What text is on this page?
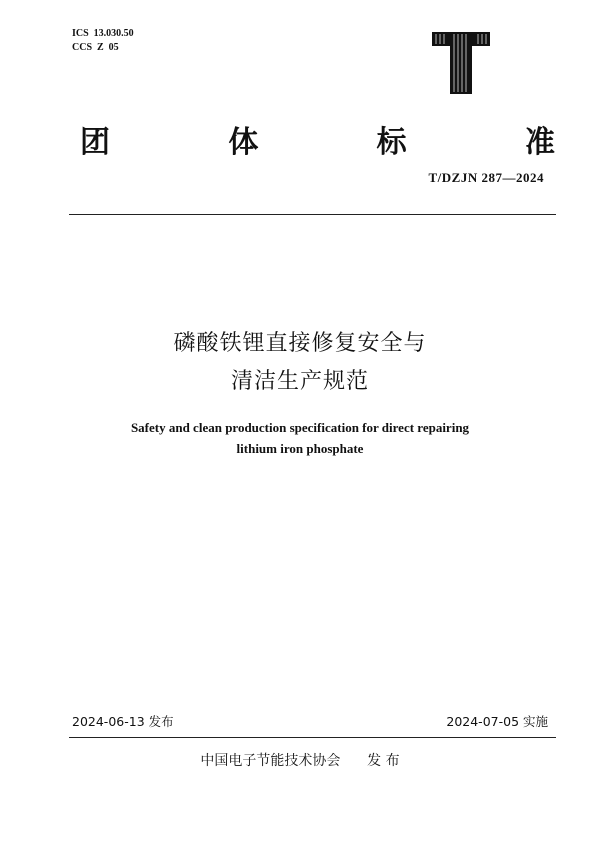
ICS  13.030.50
CCS  Z  05
团	体	标	准
T/DZJN 287—2024
磷酸铁锂直接修复安全与
清洁生产规范
Safety and clean production specification for direct repairing
lithium iron phosphate
2024-06-13 发布	2024-07-05 实施
中国电子节能技术协会 发 布
